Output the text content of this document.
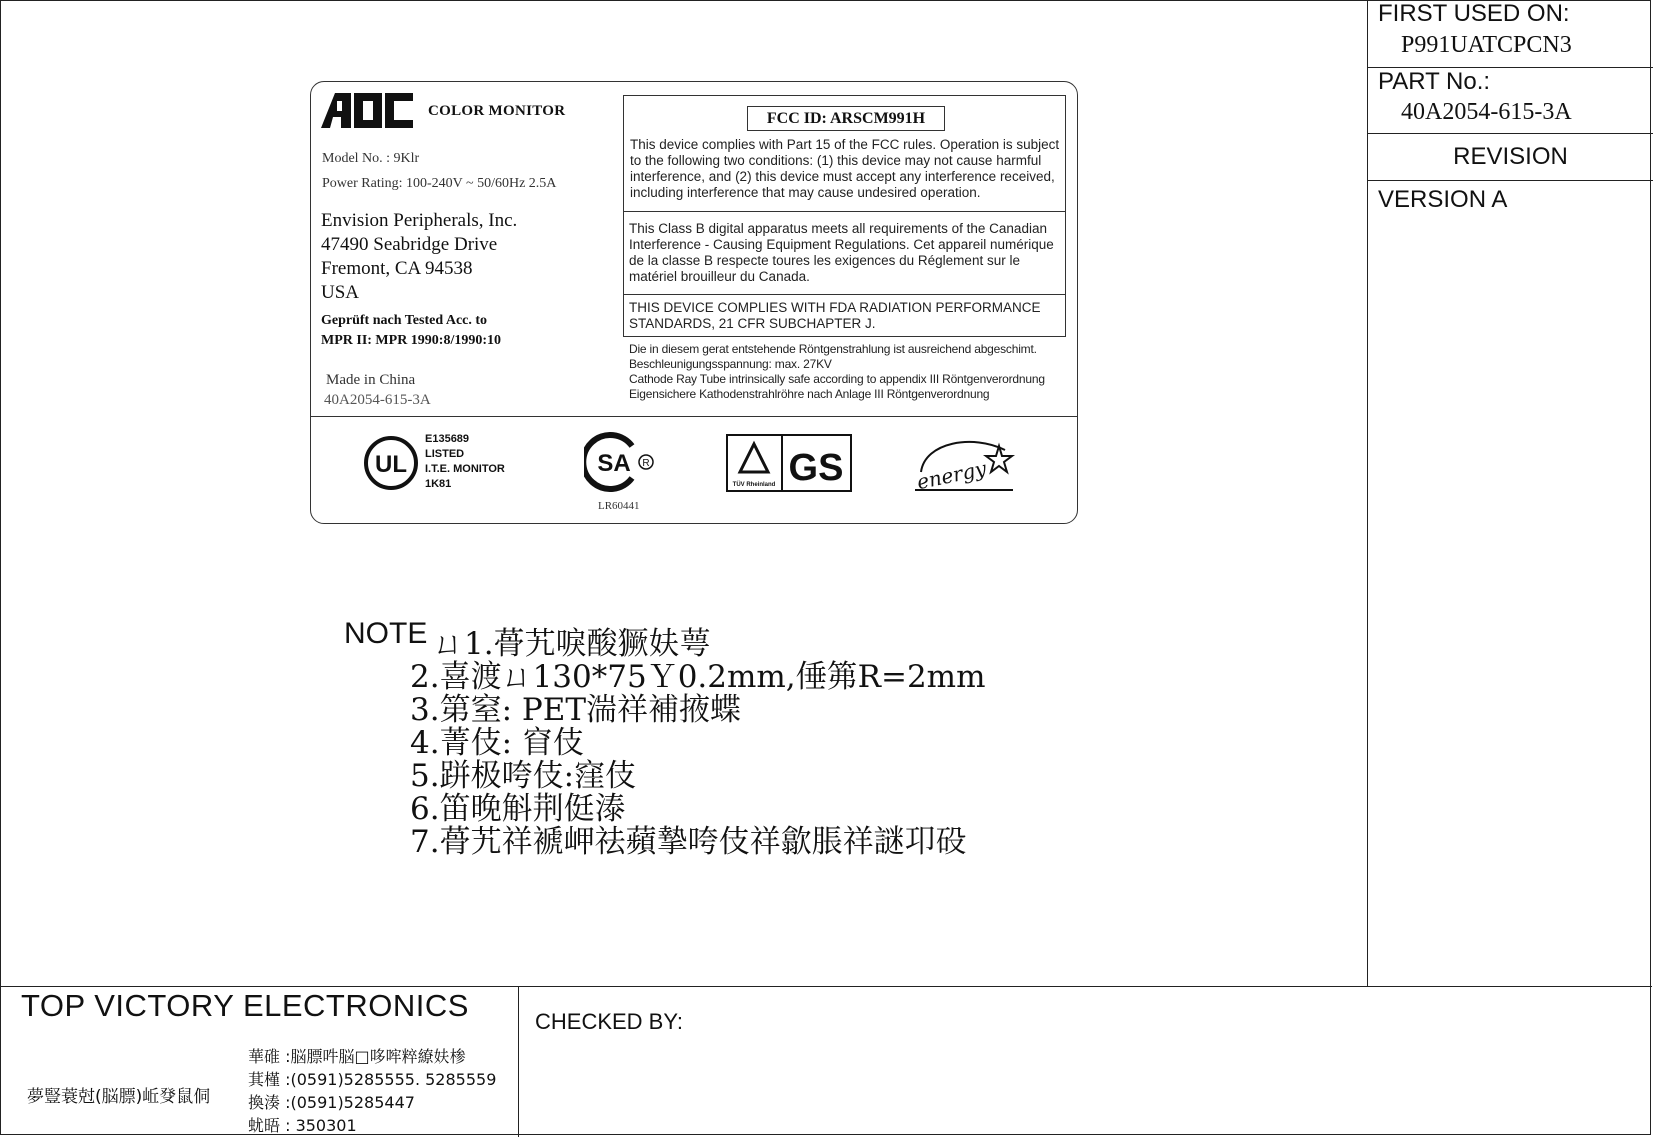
FIRST USED ON:
P991UATCPCN3
PART No.:
40A2054-615-3A
REVISION
VERSION A
COLOR MONITOR
Model No. : 9Klr
Power Rating: 100-240V ~ 50/60Hz 2.5A
Envision Peripherals, Inc.
47490 Seabridge Drive
Fremont, CA 94538
USA
Geprüft nach Tested Acc. to
MPR II: MPR 1990:8/1990:10
Made in China
40A2054-615-3A
FCC ID: ARSCM991H
This device complies with Part 15 of the FCC rules. Operation is subject to the following two conditions: (1) this device may not cause harmful interference, and (2) this device must accept any interference received, including interference that may cause undesired operation.
This Class B digital apparatus meets all requirements of the Canadian Interference - Causing Equipment Regulations. Cet appareil numérique de la classe B respecte toures les exigences du Réglement sur le matériel brouilleur du Canada.
THIS DEVICE COMPLIES WITH FDA RADIATION PERFORMANCE STANDARDS, 21 CFR SUBCHAPTER J.
Die in diesem gerat entstehende Röntgenstrahlung ist ausreichend abgeschimt.
Beschleunigungsspannung: max. 27KV
Cathode Ray Tube intrinsically safe according to appendix III Röntgenverordnung
Eigensichere Kathodenstrahlröhre nach Anlage III Röntgenverordnung
UL
E135689
LISTED
I.T.E. MONITOR
1K81
SA R
LR60441
TÜV Rheinland GS	energy
NOTE ㄩ1.蓇艽唳酸獗妋萼
2.喜渡ㄩ130*75Ｙ0.2mm,倕笰R=2mm
3.第窒: PET湍祥補掖蝶
4.菁伎: 窅伎
5.跰极咵伎:窪伎
6.笛晚斛荆侹溙
7.蓇艽祥褫岬祛蘋摯咵伎祥歙脹祥謎卭砓
TOP VICTORY ELECTRONICS	CHECKED BY:
夢豎蓑尅(脳膘)岴癹鼠侗
華碓 :脳膘吽脳□哆哰粹繚妋椮
萁槿 :(0591)5285555. 5285559
換湊 :(0591)5285447
蚘晤 : 350301
